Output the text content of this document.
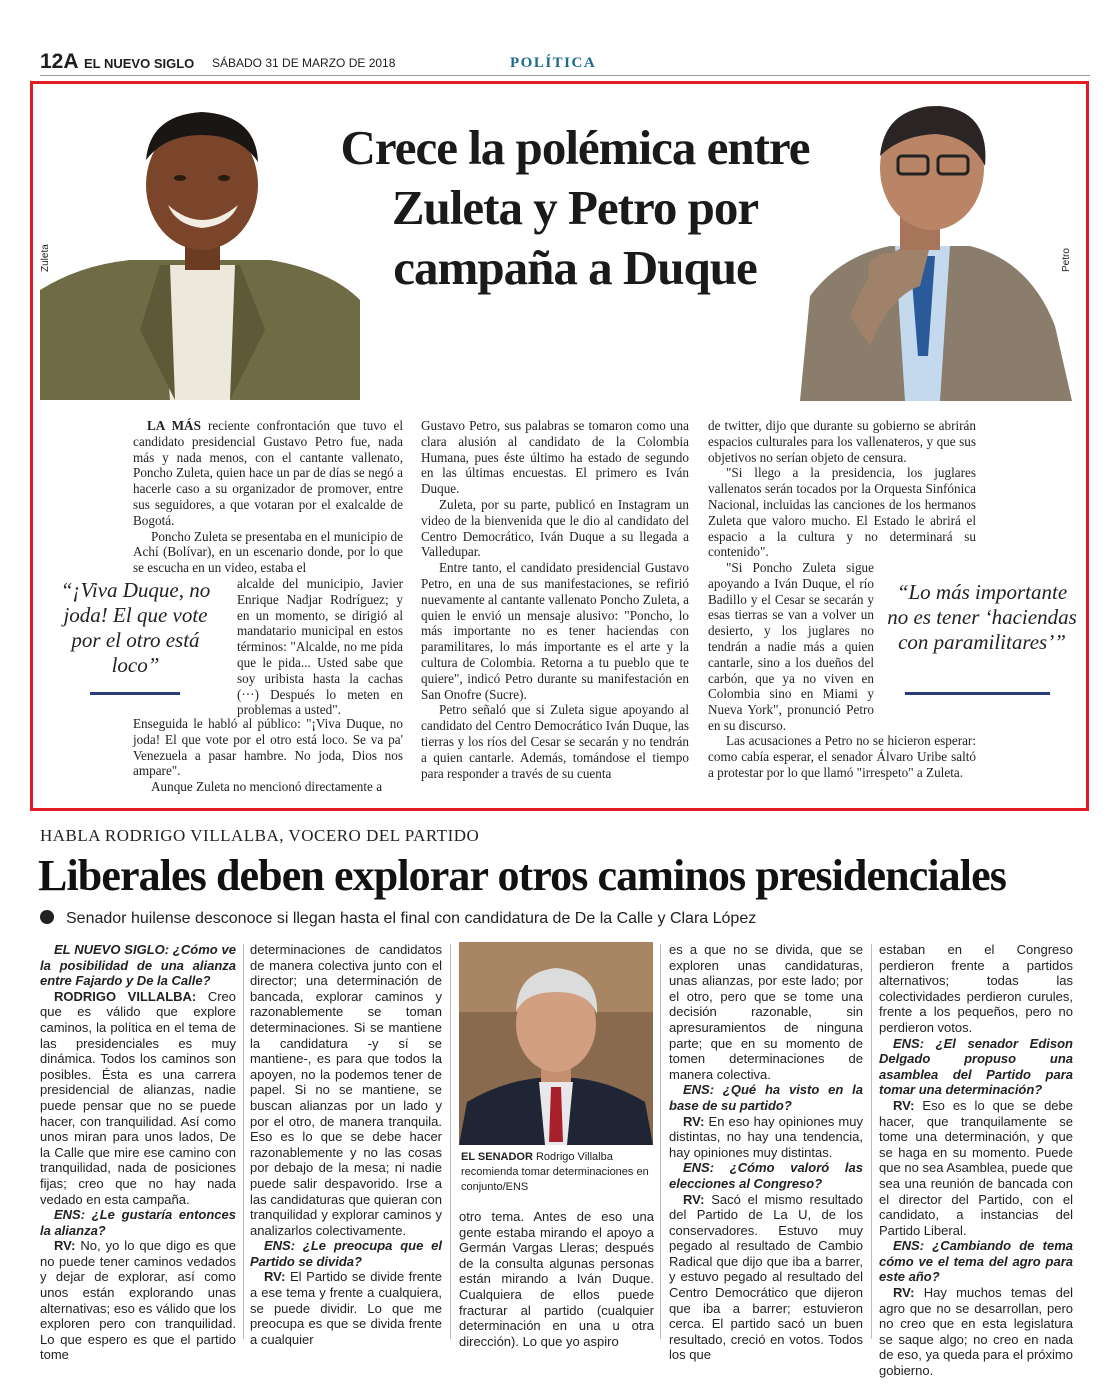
12A EL NUEVO SIGLO SÁBADO 31 DE MARZO DE 2018	POLÍTICA
Zuleta	Petro
Crece la polémica entre Zuleta y Petro por campaña a Duque

LA MÁS reciente confrontación que tuvo el candidato presidencial Gustavo Petro fue, nada más y nada menos, con el cantante vallenato, Poncho Zuleta, quien hace un par de días se negó a hacerle caso a su organizador de promover, entre sus seguidores, a que votaran por el exalcalde de Bogotá.

Poncho Zuleta se presentaba en el municipio de Achí (Bolívar), en un escenario donde, por lo que se escucha en un video, estaba el

alcalde del municipio, Javier Enrique Nadjar Rodríguez; y en un momento, se dirigió al mandatario municipal en estos términos: "Alcalde, no me pida que le pida... Usted sabe que soy uribista hasta la cachas (···) Después lo meten en problemas a usted".

Enseguida le habló al público: "¡Viva Duque, no joda! El que vote por el otro está loco. Se va pa' Venezuela a pasar hambre. No joda, Dios nos ampare".

Aunque Zuleta no mencionó directamente a

“¡Viva Duque, no joda! El que vote por el otro está loco”

Gustavo Petro, sus palabras se tomaron como una clara alusión al candidato de la Colombia Humana, pues éste último ha estado de segundo en las últimas encuestas. El primero es Iván Duque.

Zuleta, por su parte, publicó en Instagram un video de la bienvenida que le dio al candidato del Centro Democrático, Iván Duque a su llegada a Valledupar.

Entre tanto, el candidato presidencial Gustavo Petro, en una de sus manifestaciones, se refirió nuevamente al cantante vallenato Poncho Zuleta, a quien le envió un mensaje alusivo: "Poncho, lo más importante no es tener haciendas con paramilitares, lo más importante es el arte y la cultura de Colombia. Retorna a tu pueblo que te quiere", indicó Petro durante su manifestación en San Onofre (Sucre).

Petro señaló que si Zuleta sigue apoyando al candidato del Centro Democrático Iván Duque, las tierras y los ríos del Cesar se secarán y no tendrán a quien cantarle. Además, tomándose el tiempo para responder a través de su cuenta

de twitter, dijo que durante su gobierno se abrirán espacios culturales para los vallenateros, y que sus objetivos no serían objeto de censura.

"Si llego a la presidencia, los juglares vallenatos serán tocados por la Orquesta Sinfónica Nacional, incluidas las canciones de los hermanos Zuleta que valoro mucho. El Estado le abrirá el espacio a la cultura y no determinará su contenido".

"Si Poncho Zuleta sigue apoyando a Iván Duque, el río Badillo y el Cesar se secarán y esas tierras se van a volver un desierto, y los juglares no tendrán a nadie más a quien cantarle, sino a los dueños del carbón, que ya no viven en Colombia sino en Miami y Nueva York", pronunció Petro en su discurso.

Las acusaciones a Petro no se hicieron esperar: como cabía esperar, el senador Álvaro Uribe saltó a protestar por lo que llamó "irrespeto" a Zuleta.

“Lo más importante no es tener ‘haciendas con paramilitares’”
HABLA RODRIGO VILLALBA, VOCERO DEL PARTIDO
Liberales deben explorar otros caminos presidenciales
Senador huilense desconoce si llegan hasta el final con candidatura de De la Calle y Clara López

EL NUEVO SIGLO: ¿Cómo ve la posibilidad de una alianza entre Fajardo y De la Calle?

RODRIGO VILLALBA: Creo que es válido que explore caminos, la política en el tema de las presidenciales es muy dinámica. Todos los caminos son posibles. Ésta es una carrera presidencial de alianzas, nadie puede pensar que no se puede hacer, con tranquilidad. Así como unos miran para unos lados, De la Calle que mire ese camino con tranquilidad, nada de posiciones fijas; creo que no hay nada vedado en esta campaña.

ENS: ¿Le gustaría entonces la alianza?

RV: No, yo lo que digo es que no puede tener caminos vedados y dejar de explorar, así como unos están explorando unas alternativas; eso es válido que los exploren pero con tranquilidad. Lo que espero es que el partido tome

determinaciones de candidatos de manera colectiva junto con el director; una determinación de bancada, explorar caminos y razonablemente se toman determinaciones. Si se mantiene la candidatura -y sí se mantiene-, es para que todos la apoyen, no la podemos tener de papel. Si no se mantiene, se buscan alianzas por un lado y por el otro, de manera tranquila. Eso es lo que se debe hacer razonablemente y no las cosas por debajo de la mesa; ni nadie puede salir despavorido. Irse a las candidaturas que quieran con tranquilidad y explorar caminos y analizarlos colectivamente.

ENS: ¿Le preocupa que el Partido se divida?

RV: El Partido se divide frente a ese tema y frente a cualquiera, se puede dividir. Lo que me preocupa es que se divida frente a cualquier

EL SENADOR Rodrigo Villalba recomienda tomar determinaciones en conjunto/ENS

otro tema. Antes de eso una gente estaba mirando el apoyo a Germán Vargas Lleras; después de la consulta algunas personas están mirando a Iván Duque. Cualquiera de ellos puede fracturar al partido (cualquier determinación en una u otra dirección). Lo que yo aspiro

es a que no se divida, que se exploren unas candidaturas, unas alianzas, por este lado; por el otro, pero que se tome una decisión razonable, sin apresuramientos de ninguna parte; que en su momento de tomen determinaciones de manera colectiva.

ENS: ¿Qué ha visto en la base de su partido?

RV: En eso hay opiniones muy distintas, no hay una tendencia, hay opiniones muy distintas.

ENS: ¿Cómo valoró las elecciones al Congreso?

RV: Sacó el mismo resultado del Partido de La U, de los conservadores. Estuvo muy pegado al resultado de Cambio Radical que dijo que iba a barrer, y estuvo pegado al resultado del Centro Democrático que dijeron que iba a barrer; estuvieron cerca. El partido sacó un buen resultado, creció en votos. Todos los que

estaban en el Congreso perdieron frente a partidos alternativos; todas las colectividades perdieron curules, frente a los pequeños, pero no perdieron votos.

ENS: ¿El senador Edison Delgado propuso una asamblea del Partido para tomar una determinación?

RV: Eso es lo que se debe hacer, que tranquilamente se tome una determinación, y que se haga en su momento. Puede que no sea Asamblea, puede que sea una reunión de bancada con el director del Partido, con el candidato, a instancias del Partido Liberal.

ENS: ¿Cambiando de tema cómo ve el tema del agro para este año?

RV: Hay muchos temas del agro que no se desarrollan, pero no creo que en esta legislatura se saque algo; no creo en nada de eso, ya queda para el próximo gobierno.
